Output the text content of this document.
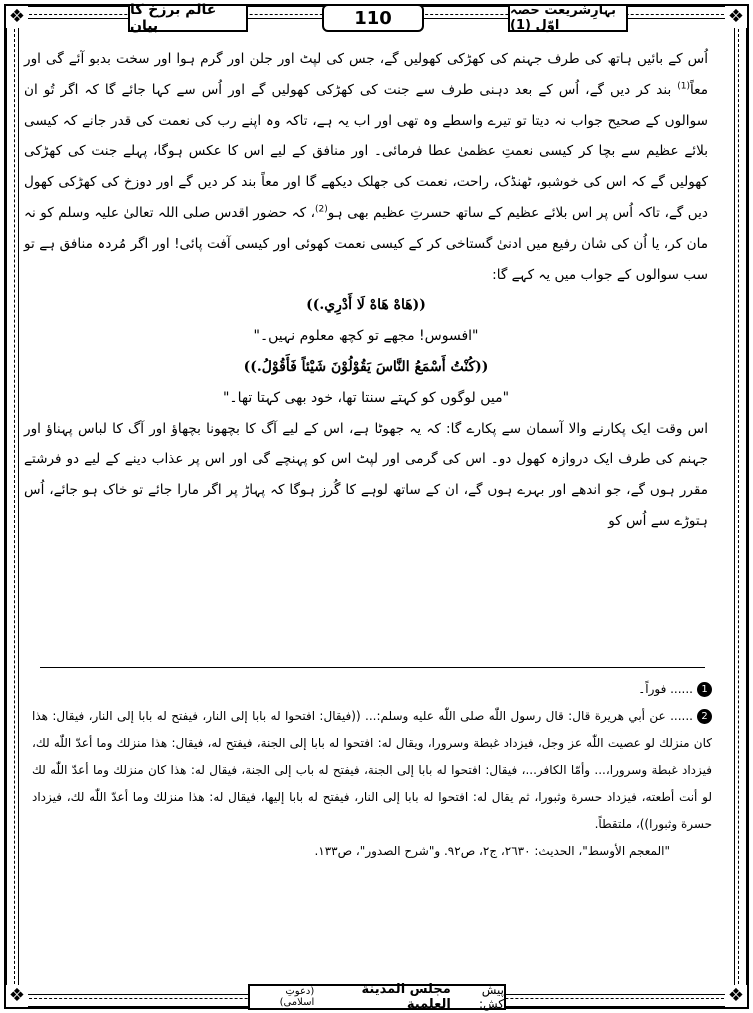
❖	❖
❖	❖
عالم برزخ کا بیان	110	بہارِشریعت حصہ اوّل (1)

اُس کے بائیں ہاتھ کی طرف جہنم کی کھڑکی کھولیں گے، جس کی لپٹ اور جلن اور گرم ہوا اور سخت بدبو آئے گی اور معاً$^{(1)}$ بند کر دیں گے، اُس کے بعد دہنی طرف سے جنت کی کھڑکی کھولیں گے اور اُس سے کہا جائے گا کہ اگر تُو ان سوالوں کے صحیح جواب نہ دیتا تو تیرے واسطے وہ تھی اور اب یہ ہے، تاکہ وہ اپنے رب کی نعمت کی قدر جانے کہ کیسی بلائے عظیم سے بچا کر کیسی نعمتِ عظمیٰ عطا فرمائی۔ اور منافق کے لیے اس کا عکس ہوگا، پہلے جنت کی کھڑکی کھولیں گے کہ اس کی خوشبو، ٹھنڈک، راحت، نعمت کی جھلک دیکھے گا اور معاً بند کر دیں گے اور دوزخ کی کھڑکی کھول دیں گے، تاکہ اُس پر اس بلائے عظیم کے ساتھ حسرتِ عظیم بھی ہو$^{(2)}$، کہ حضور اقدس صلی اللہ تعالیٰ علیہ وسلم کو نہ مان کر، یا اُن کی شان رفیع میں ادنیٰ گستاخی کر کے کیسی نعمت کھوئی اور کیسی آفت پائی! اور اگر مُردہ منافق ہے تو سب سوالوں کے جواب میں یہ کہے گا:

((هَاهْ هَاهْ لَا أَدْرِي.))

"افسوس! مجھے تو کچھ معلوم نہیں۔"

((كُنْتُ أَسْمَعُ النَّاسَ يَقُوْلُوْنَ شَيْئاً فَأَقُوْلُ.))

"میں لوگوں کو کہتے سنتا تھا، خود بھی کہتا تھا۔"

اس وقت ایک پکارنے والا آسمان سے پکارے گا: کہ یہ جھوٹا ہے، اس کے لیے آگ کا بچھونا بچھاؤ اور آگ کا لباس پہناؤ اور جہنم کی طرف ایک دروازہ کھول دو۔ اس کی گرمی اور لپٹ اس کو پہنچے گی اور اس پر عذاب دینے کے لیے دو فرشتے مقرر ہوں گے، جو اندھے اور بہرے ہوں گے، ان کے ساتھ لوہے کا گُرز ہوگا کہ پہاڑ پر اگر مارا جائے تو خاک ہو جائے، اُس ہتوڑے سے اُس کو

1...... فوراً۔

2...... عن أبي هريرة قال: قال رسول اللّٰه صلى اللّٰه عليه وسلم:... ((فيقال: افتحوا له بابا إلى النار، فيفتح له بابا إلى النار، فيقال: هذا كان منزلك لو عصيت اللّٰه عز وجل، فيزداد غبطة وسرورا، ويقال له: افتحوا له بابا إلى الجنة، فيفتح له، فيقال: هذا منزلك وما أعدّ اللّٰه لك، فيزداد غبطة وسرورا،... وأمّا الكافر...، فيقال: افتحوا له بابا إلى الجنة، فيفتح له باب إلى الجنة، فيقال له: هذا كان منزلك وما أعدّ اللّٰه لك لو أنت أطعته، فيزداد حسرة وثبورا، ثم يقال له: افتحوا له بابا إلى النار، فيفتح له بابا إليها، فيقال له: هذا منزلك وما أعدّ اللّٰه لك، فيزداد حسرة وثبورا))، ملتقطاً.

"المعجم الأوسط"، الحديث: ٢٦٣٠، ج٢، ص٩٢. و"شرح الصدور"، ص١٣٣.

پیش کش:
مجلس المدينة العلمية
(دعوتِ اسلامی)
